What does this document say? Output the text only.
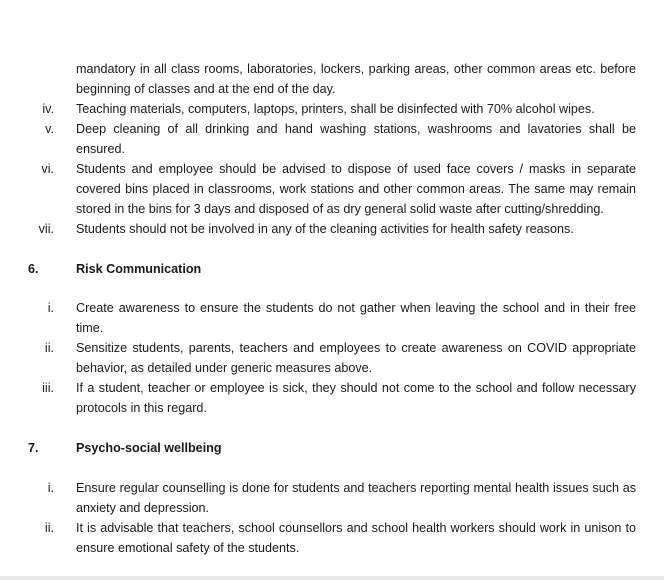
mandatory in all class rooms, laboratories, lockers, parking areas, other common areas etc. before beginning of classes and at the end of the day.
iv. Teaching materials, computers, laptops, printers, shall be disinfected with 70% alcohol wipes.
v. Deep cleaning of all drinking and hand washing stations, washrooms and lavatories shall be ensured.
vi. Students and employee should be advised to dispose of used face covers / masks in separate covered bins placed in classrooms, work stations and other common areas. The same may remain stored in the bins for 3 days and disposed of as dry general solid waste after cutting/shredding.
vii. Students should not be involved in any of the cleaning activities for health safety reasons.
6.	Risk Communication
i. Create awareness to ensure the students do not gather when leaving the school and in their free time.
ii. Sensitize students, parents, teachers and employees to create awareness on COVID appropriate behavior, as detailed under generic measures above.
iii. If a student, teacher or employee is sick, they should not come to the school and follow necessary protocols in this regard.
7.	Psycho-social wellbeing
i. Ensure regular counselling is done for students and teachers reporting mental health issues such as anxiety and depression.
ii. It is advisable that teachers, school counsellors and school health workers should work in unison to ensure emotional safety of the students.
